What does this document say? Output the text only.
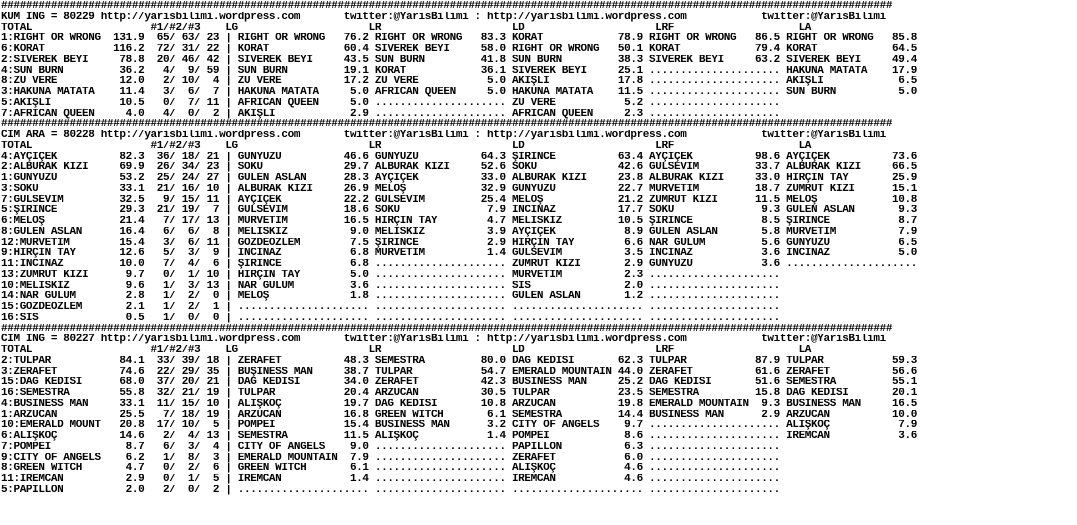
###############################################################################################################################################
KUM ING = 80229 http://yarisbilimi.wordpress.com       twitter:@YarisBilimi : http://yarisbilimi.wordpress.com            twitter:@YarisBilimi
TOTAL                   #1/#2/#3    LG                     LR                     LD                     LRF                    LA
1:RIGHT OR WRONG  131.9  65/ 63/ 23 | RIGHT OR WRONG   76.2 RIGHT OR WRONG   83.3 KORAT            78.9 RIGHT OR WRONG   86.5 RIGHT OR WRONG   85.8
6:KORAT           116.2  72/ 31/ 22 | KORAT            60.4 SİVEREK BEYİ     58.0 RIGHT OR WRONG   50.1 KORAT            79.4 KORAT            64.5
2:SİVEREK BEYİ     78.8  20/ 46/ 42 | SİVEREK BEYİ     43.5 SUN BURN         41.8 SUN BURN         38.3 SİVEREK BEYİ     63.2 SİVEREK BEYİ     49.4
4:SUN BURN         36.2   4/  9/ 59 | SUN BURN         19.1 KORAT            36.1 SİVEREK BEYİ     25.1 ..................... HAKUNA MATATA    17.9
8:ZU VERE          12.0   2/ 10/  4 | ZU VERE          17.2 ZU VERE           5.0 AKIŞLI           17.8 ..................... AKIŞLI            6.5
3:HAKUNA MATATA    11.4   3/  6/  7 | HAKUNA MATATA     5.0 AFRICAN QUEEN     5.0 HAKUNA MATATA    11.5 ..................... SUN BURN          5.0
5:AKIŞLI           10.5   0/  7/ 11 | AFRICAN QUEEN     5.0 ..................... ZU VERE           5.2 .....................
7:AFRICAN QUEEN     4.0   4/  0/  2 | AKIŞLI            2.9 ..................... AFRICAN QUEEN     2.3 .....................
###############################################################################################################################################
CIM ARA = 80228 http://yarisbilimi.wordpress.com       twitter:@YarisBilimi : http://yarisbilimi.wordpress.com            twitter:@YarisBilimi
TOTAL                   #1/#2/#3    LG                     LR                     LD                     LRF                    LA
4:AYÇİÇEK          82.3  36/ 18/ 21 | GÜNYÜZÜ          46.6 GÜNYÜZÜ          64.3 ŞİRİNCE          63.4 AYÇİÇEK          98.6 AYÇİÇEK          73.6
2:ALBURAK KIZI     69.9  26/ 34/ 23 | SOKU             29.7 ALBURAK KIZI     52.6 SOKU             42.6 GÜLSEVİM         33.7 ALBURAK KIZI     66.5
1:GÜNYÜZÜ          53.2  25/ 24/ 27 | GÜLEN ASLAN      28.3 AYÇİÇEK          33.0 ALBURAK KIZI     23.8 ALBURAK KIZI     33.0 HIRÇIN TAY       25.9
3:SOKU             33.1  21/ 16/ 10 | ALBURAK KIZI     26.9 MELOŞ            32.9 GÜNYÜZÜ          22.7 MÜRVETİM         18.7 ZÜMRÜT KIZI      15.1
7:GÜLSEVİM         32.5   9/ 15/ 11 | AYÇİÇEK          22.2 GÜLSEVİM         25.4 MELOŞ            21.2 ZÜMRÜT KIZI      11.5 MELOŞ            10.8
5:ŞİRİNCE          29.3  21/ 19/  7 | GÜLSEVİM         18.6 SOKU              7.9 İNCİNAZ          17.7 SOKU              9.3 GÜLEN ASLAN       9.3
6:MELOŞ            21.4   7/ 17/ 13 | MÜRVETİM         16.5 HIRÇIN TAY        4.7 MELİSKİZ         10.5 ŞİRİNCE           8.5 ŞİRİNCE           8.7
8:GÜLEN ASLAN      16.4   6/  6/  8 | MELİSKİZ          9.0 MELİSKİZ          3.9 AYÇİÇEK           8.9 GÜLEN ASLAN       5.8 MÜRVETİM          7.9
12:MÜRVETİM        15.4   3/  6/ 11 | GÖZDEÖZLEM        7.5 ŞİRİNCE           2.9 HIRÇIN TAY        6.6 NAR GÜLÜM         5.6 GÜNYÜZÜ           6.5
9:HIRÇIN TAY       12.6   5/  3/  9 | İNCİNAZ           6.8 MÜRVETİM          1.4 GÜLSEVİM          3.5 İNCİNAZ           3.6 İNCİNAZ           5.0
11:İNCİNAZ         10.0   7/  4/  6 | ŞİRİNCE           6.8 ..................... ZÜMRÜT KIZI       2.9 GÜNYÜZÜ           3.6 .....................
13:ZÜMRÜT KIZI      9.7   0/  1/ 10 | HIRÇIN TAY        5.0 ..................... MÜRVETİM          2.3 .....................
10:MELİSKİZ         9.6   1/  3/ 13 | NAR GÜLÜM         3.6 ..................... SİS               2.0 .....................
14:NAR GÜLÜM        2.8   1/  2/  0 | MELOŞ             1.8 ..................... GÜLEN ASLAN       1.2 .....................
15:GÖZDEÖZLEM       2.1   1/  2/  1 | ..................... ..................... ..................... .....................
16:SİS              0.5   1/  0/  0 | ..................... ..................... ..................... .....................
###############################################################################################################################################
CIM ING = 80227 http://yarisbilimi.wordpress.com       twitter:@YarisBilimi : http://yarisbilimi.wordpress.com            twitter:@YarisBilimi
TOTAL                   #1/#2/#3    LG                     LR                     LD                     LRF                    LA
2:TULPAR           84.1  33/ 39/ 18 | ZERAFET          48.3 SEMESTRA         80.0 DAĞ KEDİSİ       62.3 TULPAR           87.9 TULPAR           59.3
3:ZERAFET          74.6  22/ 29/ 35 | BUŞINESS MAN     38.7 TULPAR           54.7 EMERALD MOUNTAIN 44.0 ZERAFET          61.6 ZERAFET          56.6
15:DAĞ KEDİSİ      68.0  37/ 20/ 21 | DAĞ KEDİSİ       34.0 ZERAFET          42.3 BUSINESS MAN     25.2 DAĞ KEDİSİ       51.6 SEMESTRA         55.1
16:SEMESTRA        55.8  32/ 21/ 19 | TULPAR           20.4 ARZUCAN          30.5 TULPAR           23.5 SEMESTRA         15.8 DAĞ KEDİSİ       20.1
4:BUSINESS MAN     33.1  11/ 15/ 10 | ALİŞKOÇ          19.7 DAĞ KEDİSİ       10.8 ARZUCAN          19.8 EMERALD MOUNTAIN  9.3 BUSINESS MAN     16.5
1:ARZUCAN          25.5   7/ 18/ 19 | ARZUCAN          16.8 GREEN WITCH       6.1 SEMESTRA         14.4 BUSINESS MAN      2.9 ARZUCAN          10.0
10:EMERALD MOUNT   20.8  17/ 10/  5 | POMPEİ           15.4 BUSINESS MAN      3.2 CITY OF ANGELS    9.7 ..................... ALİŞKOÇ           7.9
6:ALİŞKOÇ          14.6   2/  4/ 13 | SEMESTRA         11.5 ALİŞKOÇ           1.4 POMPEİ            8.6 ..................... İREMCAN           3.6
7:POMPEİ            8.7   6/  3/  4 | CITY OF ANGELS    9.0 ..................... PAPILLON          6.3 .....................
9:CITY OF ANGELS    6.2   1/  8/  3 | EMERALD MOUNTAIN  7.9 ..................... ZERAFET           6.0 .....................
8:GREEN WITCH       4.7   0/  2/  6 | GREEN WITCH       6.1 ..................... ALİŞKOÇ           4.6 .....................
11:İREMCAN          2.9   0/  1/  5 | İREMCAN           1.4 ..................... İREMCAN           4.6 .....................
5:PAPILLON          2.0   2/  0/  2 | ..................... ..................... ..................... .....................
